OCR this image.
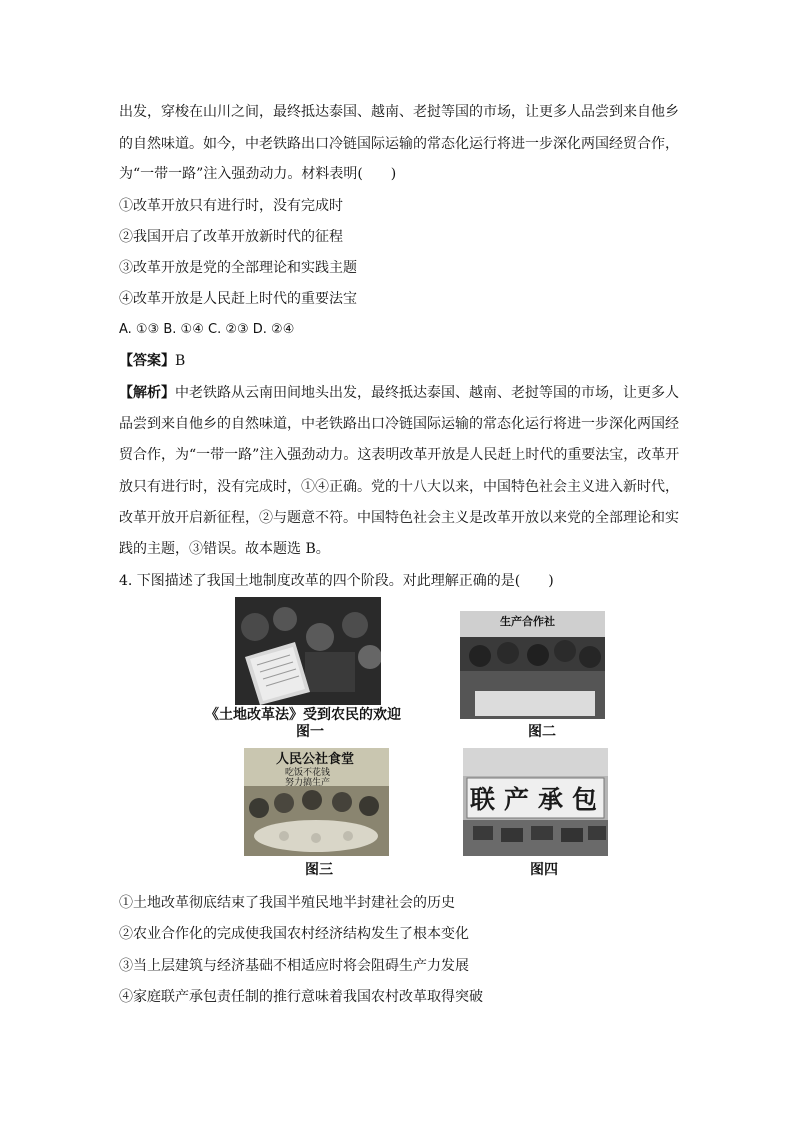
出发，穿梭在山川之间，最终抵达泰国、越南、老挝等国的市场，让更多人品尝到来自他乡
的自然味道。如今，中老铁路出口冷链国际运输的常态化运行将进一步深化两国经贸合作，
为“一带一路”注入强劲动力。材料表明(　　)
①改革开放只有进行时，没有完成时
②我国开启了改革开放新时代的征程
③改革开放是党的全部理论和实践主题
④改革开放是人民赶上时代的重要法宝
A. ①③ B. ①④ C. ②③ D. ②④
【答案】B
【解析】中老铁路从云南田间地头出发，最终抵达泰国、越南、老挝等国的市场，让更多人
品尝到来自他乡的自然味道，中老铁路出口冷链国际运输的常态化运行将进一步深化两国经
贸合作，为“一带一路”注入强劲动力。这表明改革开放是人民赶上时代的重要法宝，改革开
放只有进行时，没有完成时，①④正确。党的十八大以来，中国特色社会主义进入新时代，
改革开放开启新征程，②与题意不符。中国特色社会主义是改革开放以来党的全部理论和实
践的主题，③错误。故本题选 B。
4. 下图描述了我国土地制度改革的四个阶段。对此理解正确的是(　　)
《土地改革法》受到农民的欢迎
图一
生产合作社
图二
人民公社食堂
吃饭不花钱
努力搞生产
图三
联产承包
图四
①土地改革彻底结束了我国半殖民地半封建社会的历史
②农业合作化的完成使我国农村经济结构发生了根本变化
③当上层建筑与经济基础不相适应时将会阻碍生产力发展
④家庭联产承包责任制的推行意味着我国农村改革取得突破
